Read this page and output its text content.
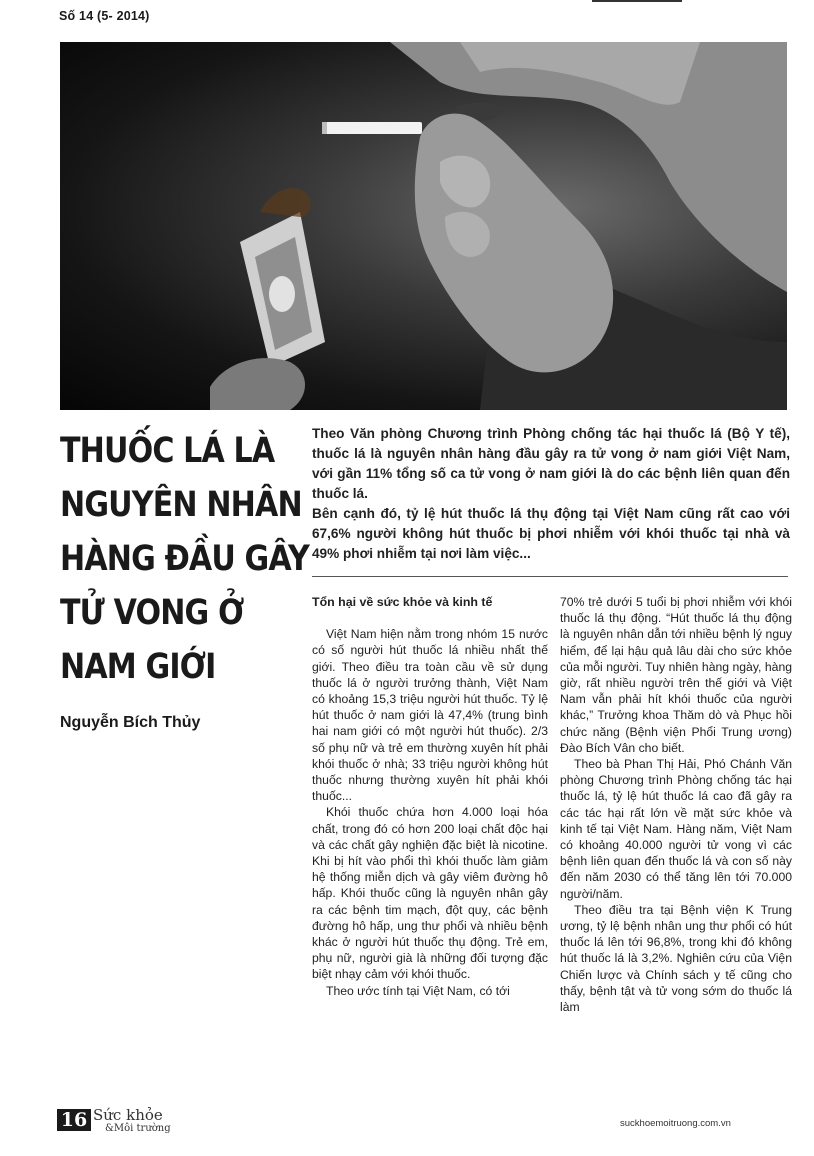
Số 14 (5- 2014)
THUỐC LÁ LÀ
NGUYÊN NHÂN
HÀNG ĐẦU GÂY
TỬ VONG Ở
NAM GIỚI
Nguyễn Bích Thủy

Theo Văn phòng Chương trình Phòng chống tác hại thuốc lá (Bộ Y tế), thuốc lá là nguyên nhân hàng đầu gây ra tử vong ở nam giới Việt Nam, với gần 11% tổng số ca tử vong ở nam giới là do các bệnh liên quan đến thuốc lá.

Bên cạnh đó, tỷ lệ hút thuốc lá thụ động tại Việt Nam cũng rất cao với 67,6% người không hút thuốc bị phơi nhiễm với khói thuốc tại nhà và 49% phơi nhiễm tại nơi làm việc...

Tổn hại về sức khỏe và kinh tế

Việt Nam hiện nằm trong nhóm 15 nước có số người hút thuốc lá nhiều nhất thế giới. Theo điều tra toàn cầu về sử dụng thuốc lá ở người trưởng thành, Việt Nam có khoảng 15,3 triệu người hút thuốc. Tỷ lệ hút thuốc ở nam giới là 47,4% (trung bình hai nam giới có một người hút thuốc). 2/3 số phụ nữ và trẻ em thường xuyên hít phải khói thuốc ở nhà; 33 triệu người không hút thuốc nhưng thường xuyên hít phải khói thuốc...

Khói thuốc chứa hơn 4.000 loại hóa chất, trong đó có hơn 200 loại chất độc hại và các chất gây nghiện đặc biệt là nicotine. Khi bị hít vào phổi thì khói thuốc làm giảm hệ thống miễn dịch và gây viêm đường hô hấp. Khói thuốc cũng là nguyên nhân gây ra các bệnh tim mạch, đột quỵ, các bệnh đường hô hấp, ung thư phổi và nhiều bệnh khác ở người hút thuốc thụ động. Trẻ em, phụ nữ, người già là những đối tượng đặc biệt nhạy cảm với khói thuốc.

Theo ước tính tại Việt Nam, có tới

70% trẻ dưới 5 tuổi bị phơi nhiễm với khói thuốc lá thụ động. “Hút thuốc lá thụ động là nguyên nhân dẫn tới nhiều bệnh lý nguy hiểm, để lại hậu quả lâu dài cho sức khỏe của mỗi người. Tuy nhiên hàng ngày, hàng giờ, rất nhiều người trên thế giới và Việt Nam vẫn phải hít khói thuốc của người khác,” Trưởng khoa Thăm dò và Phục hồi chức năng (Bệnh viện Phổi Trung ương) Đào Bích Vân cho biết.

Theo bà Phan Thị Hải, Phó Chánh Văn phòng Chương trình Phòng chống tác hại thuốc lá, tỷ lệ hút thuốc lá cao đã gây ra các tác hại rất lớn về mặt sức khỏe và kinh tế tại Việt Nam. Hàng năm, Việt Nam có khoảng 40.000 người tử vong vì các bệnh liên quan đến thuốc lá và con số này đến năm 2030 có thể tăng lên tới 70.000 người/năm.

Theo điều tra tại Bệnh viện K Trung ương, tỷ lệ bệnh nhân ung thư phổi có hút thuốc lá lên tới 96,8%, trong khi đó không hút thuốc lá là 3,2%. Nghiên cứu của Viện Chiến lược và Chính sách y tế cũng cho thấy, bệnh tật và tử vong sớm do thuốc lá làm

16 Sức khỏe
&Môi trường	suckhoemoitruong.com.vn
